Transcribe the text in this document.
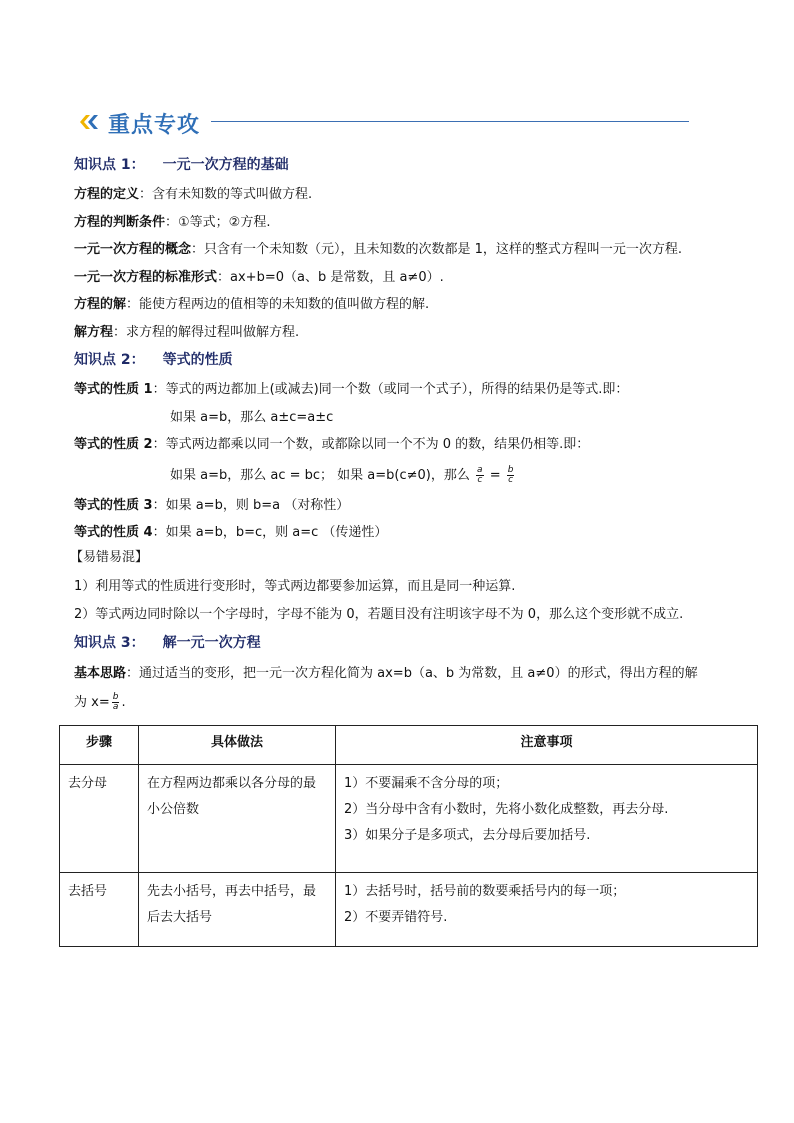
重点专攻
知识点 1： 一元一次方程的基础
方程的定义：含有未知数的等式叫做方程.
方程的判断条件：①等式；②方程.
一元一次方程的概念：只含有一个未知数（元），且未知数的次数都是 1，这样的整式方程叫一元一次方程.
一元一次方程的标准形式：ax+b=0（a、b 是常数，且 a≠0）.
方程的解：能使方程两边的值相等的未知数的值叫做方程的解.
解方程：求方程的解得过程叫做解方程.
知识点 2： 等式的性质
等式的性质 1：等式的两边都加上(或减去)同一个数（或同一个式子），所得的结果仍是等式.即：
如果 a=b，那么 a±c=a±c
等式的性质 2：等式两边都乘以同一个数，或都除以同一个不为 0 的数，结果仍相等.即：
如果 a=b，那么 ac = bc； 如果 a=b(c≠0)，那么 $\frac{a}{c} = \frac{b}{c}$
等式的性质 3：如果 a=b，则 b=a （对称性）
等式的性质 4：如果 a=b，b=c，则 a=c （传递性）
【易错易混】
1）利用等式的性质进行变形时，等式两边都要参加运算，而且是同一种运算.
2）等式两边同时除以一个字母时，字母不能为 0，若题目没有注明该字母不为 0，那么这个变形就不成立.
知识点 3： 解一元一次方程
基本思路：通过适当的变形，把一元一次方程化简为 ax=b（a、b 为常数，且 a≠0）的形式，得出方程的解
为 $x= \frac{b}{a}$ .
步骤	具体做法	注意事项
去分母	在方程两边都乘以各分母的最小公倍数	1）不要漏乘不含分母的项；
2）当分母中含有小数时，先将小数化成整数，再去分母.
3）如果分子是多项式，去分母后要加括号.

去括号	先去小括号，再去中括号，最后去大括号	1）去括号时，括号前的数要乘括号内的每一项；
2）不要弄错符号.
